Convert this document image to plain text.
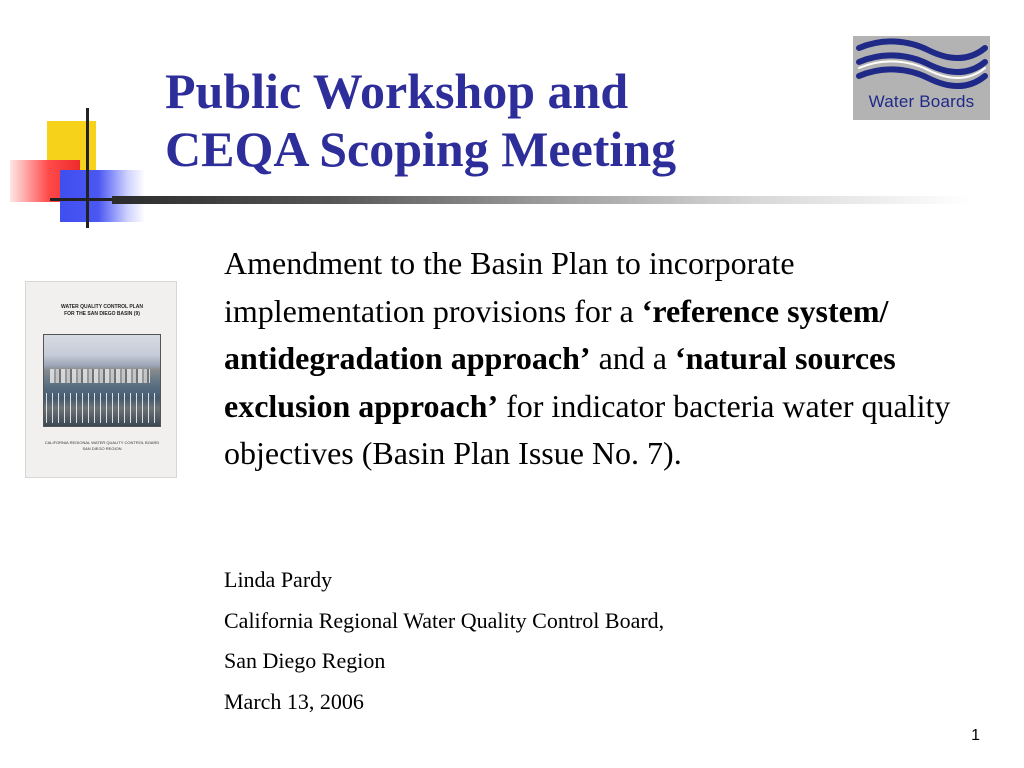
Public Workshop and
CEQA Scoping Meeting
Water Boards
WATER QUALITY CONTROL PLAN
FOR THE SAN DIEGO BASIN (9)
CALIFORNIA REGIONAL WATER QUALITY CONTROL BOARD
SAN DIEGO REGION
Amendment to the Basin Plan to incorporate implementation provisions for a ‘reference system/ antidegradation approach’ and a ‘natural sources exclusion approach’ for indicator bacteria water quality objectives (Basin Plan Issue No. 7).
Linda Pardy
California Regional Water Quality Control Board,
San Diego Region
March 13, 2006
1
